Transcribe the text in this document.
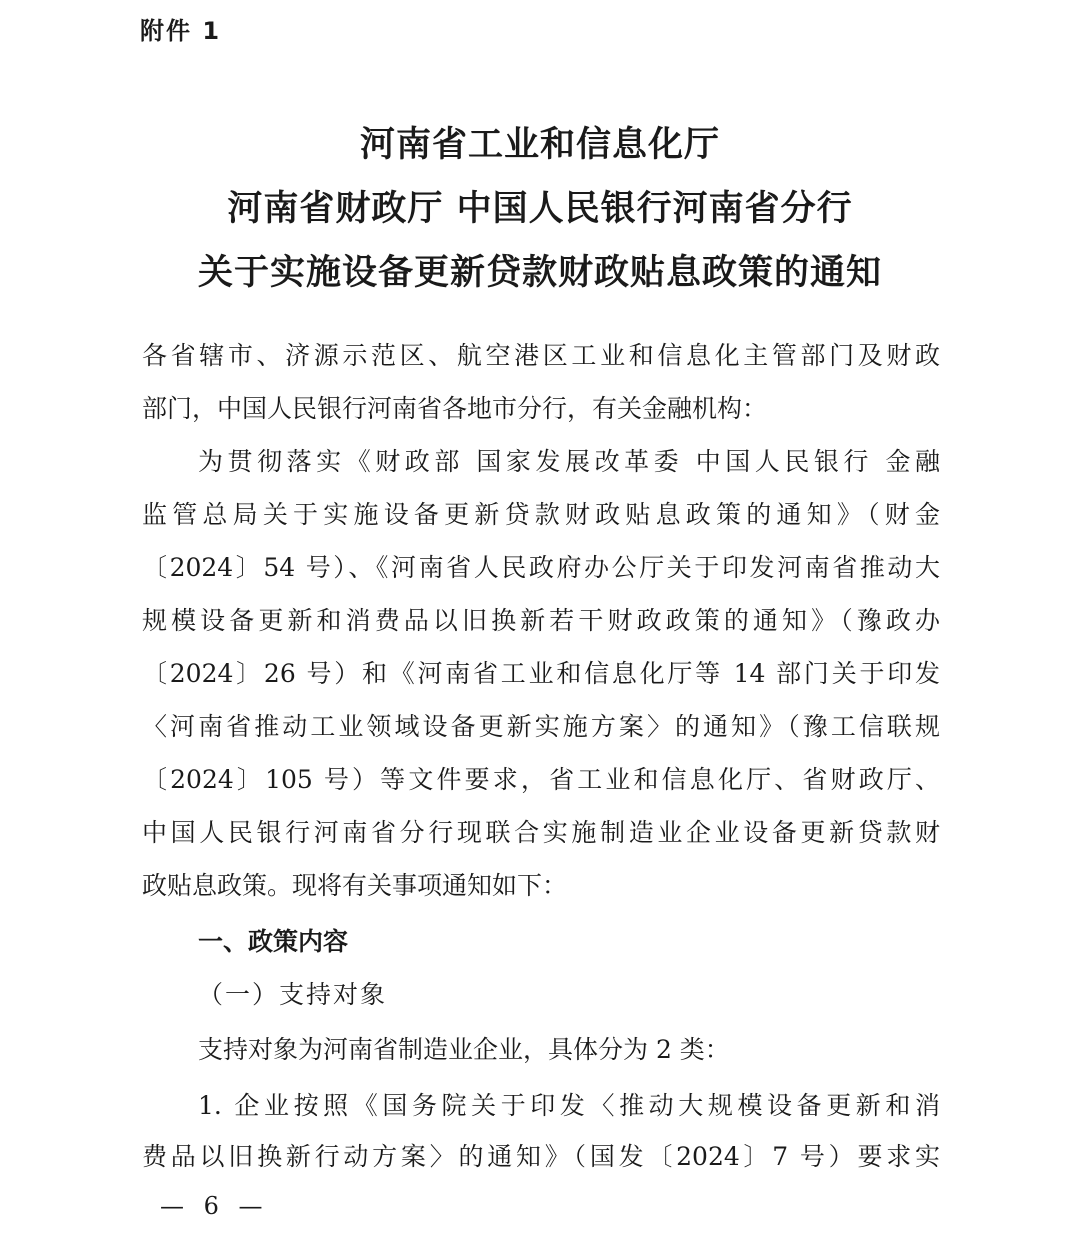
附件 1
河南省工业和信息化厅
河南省财政厅 中国人民银行河南省分行
关于实施设备更新贷款财政贴息政策的通知
各省辖市、济源示范区、航空港区工业和信息化主管部门及财政
部门，中国人民银行河南省各地市分行，有关金融机构：
为贯彻落实《财政部 国家发展改革委 中国人民银行 金融
监管总局关于实施设备更新贷款财政贴息政策的通知》（财金
〔2024〕54 号）、《河南省人民政府办公厅关于印发河南省推动大
规模设备更新和消费品以旧换新若干财政政策的通知》（豫政办
〔2024〕26 号）和《河南省工业和信息化厅等 14 部门关于印发
〈河南省推动工业领域设备更新实施方案〉的通知》（豫工信联规
〔2024〕105 号）等文件要求，省工业和信息化厅、省财政厅、
中国人民银行河南省分行现联合实施制造业企业设备更新贷款财
政贴息政策。现将有关事项通知如下：
一、政策内容
（一）支持对象
支持对象为河南省制造业企业，具体分为 2 类：
1. 企业按照《国务院关于印发〈推动大规模设备更新和消
费品以旧换新行动方案〉的通知》（国发〔2024〕7 号）要求实
— 6 —
